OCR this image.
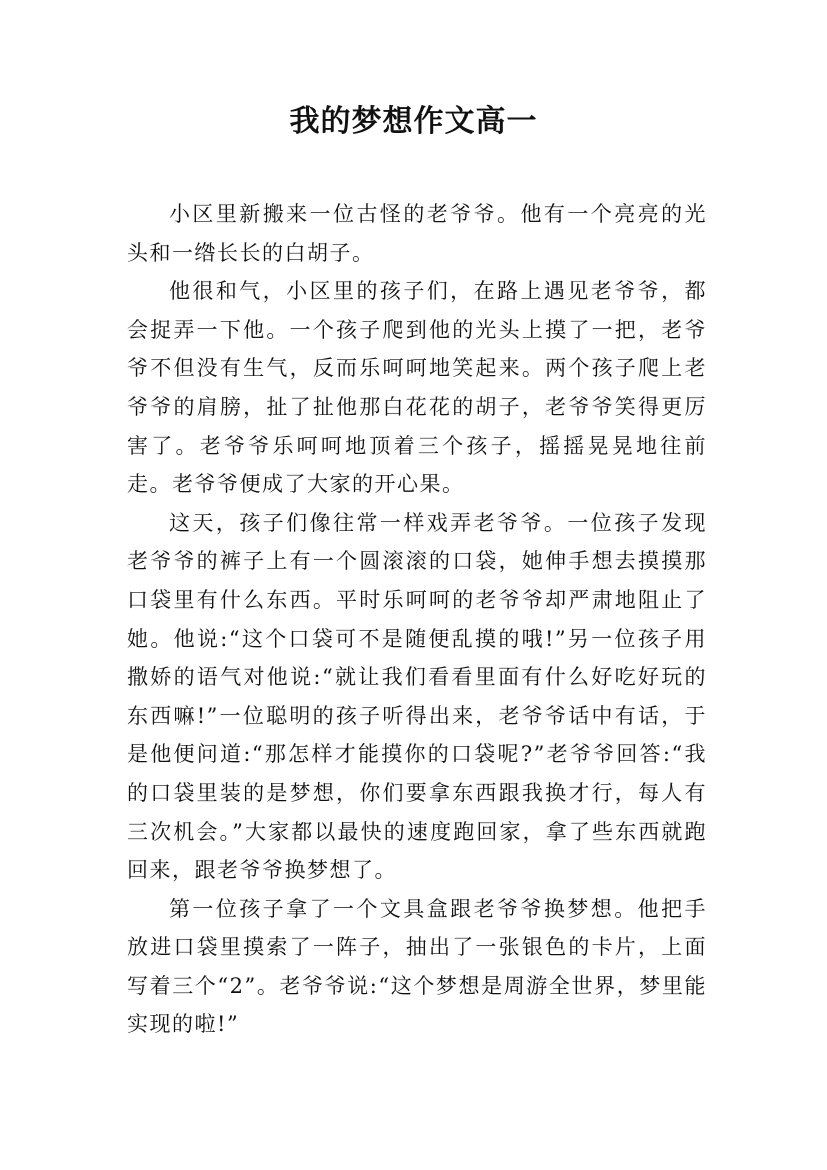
我的梦想作文高一

小区里新搬来一位古怪的老爷爷。他有一个亮亮的光头和一绺长长的白胡子。

他很和气，小区里的孩子们，在路上遇见老爷爷，都会捉弄一下他。一个孩子爬到他的光头上摸了一把，老爷爷不但没有生气，反而乐呵呵地笑起来。两个孩子爬上老爷爷的肩膀，扯了扯他那白花花的胡子，老爷爷笑得更厉害了。老爷爷乐呵呵地顶着三个孩子，摇摇晃晃地往前走。老爷爷便成了大家的开心果。

这天，孩子们像往常一样戏弄老爷爷。一位孩子发现老爷爷的裤子上有一个圆滚滚的口袋，她伸手想去摸摸那口袋里有什么东西。平时乐呵呵的老爷爷却严肃地阻止了她。他说:“这个口袋可不是随便乱摸的哦!”另一位孩子用撒娇的语气对他说:“就让我们看看里面有什么好吃好玩的东西嘛!”一位聪明的孩子听得出来，老爷爷话中有话，于是他便问道:“那怎样才能摸你的口袋呢?”老爷爷回答:“我的口袋里装的是梦想，你们要拿东西跟我换才行，每人有三次机会。”大家都以最快的速度跑回家，拿了些东西就跑回来，跟老爷爷换梦想了。

第一位孩子拿了一个文具盒跟老爷爷换梦想。他把手放进口袋里摸索了一阵子，抽出了一张银色的卡片，上面写着三个“2”。老爷爷说:“这个梦想是周游全世界，梦里能实现的啦!”
